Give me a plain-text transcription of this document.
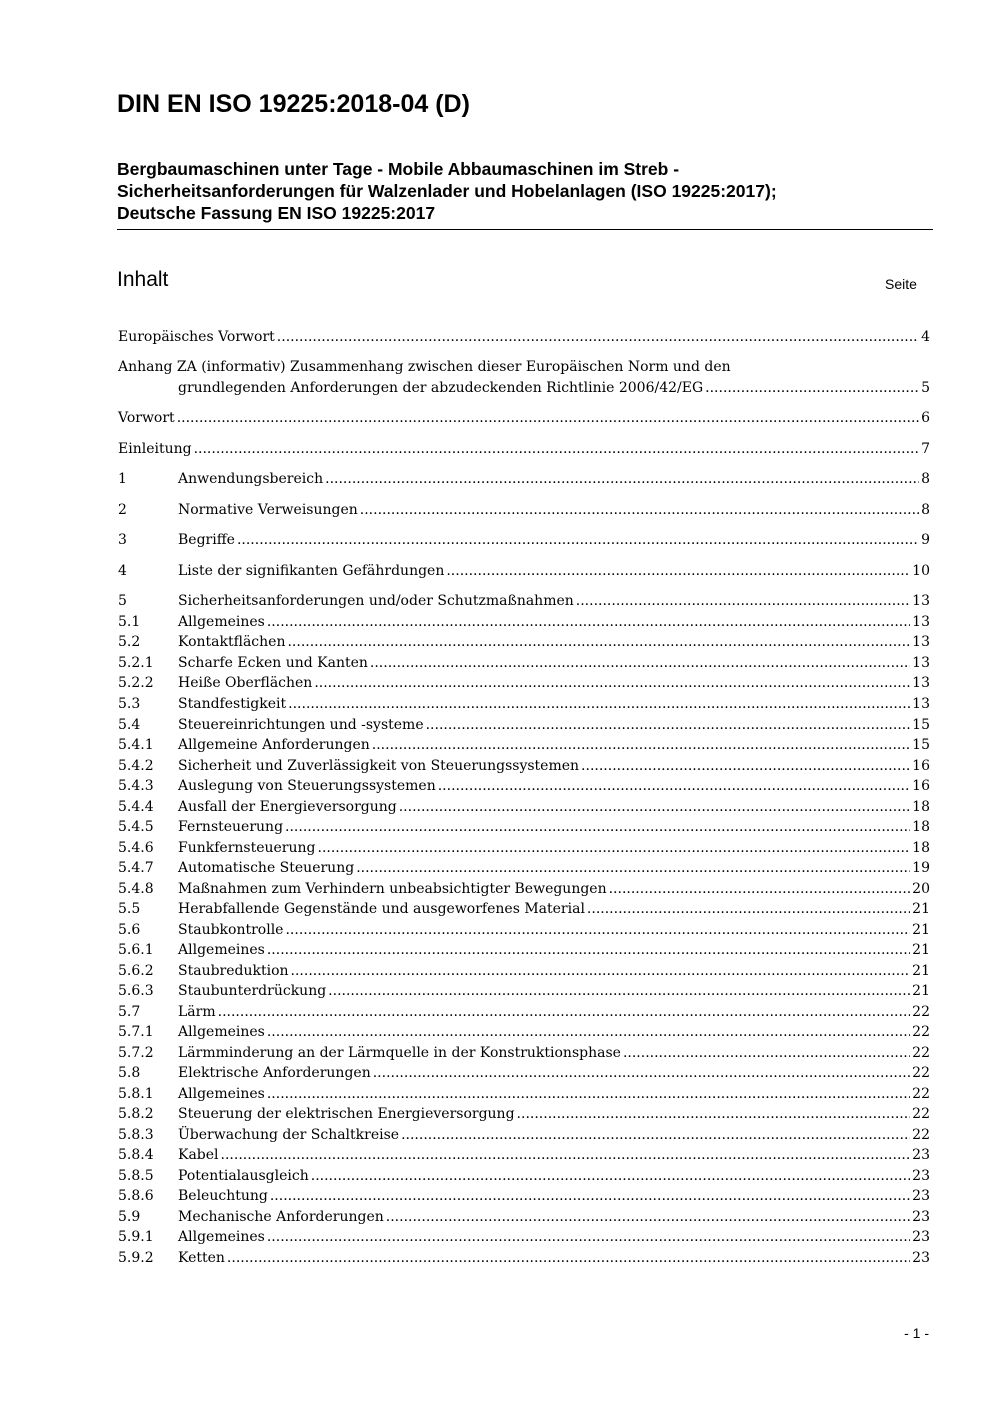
DIN EN ISO 19225:2018-04 (D)
Bergbaumaschinen unter Tage - Mobile Abbaumaschinen im Streb -
Sicherheitsanforderungen für Walzenlader und Hobelanlagen (ISO 19225:2017);
Deutsche Fassung EN ISO 19225:2017
Inhalt	Seite
Europäisches Vorwort .....	4
Anhang ZA (informativ) Zusammenhang zwischen dieser Europäischen Norm und den
grundlegenden Anforderungen der abzudeckenden Richtlinie 2006/42/EG .....	5
Vorwort .....	6
Einleitung .....	7
1	Anwendungsbereich .....	8
2	Normative Verweisungen .....	8
3	Begriffe .....	9
4	Liste der signifikanten Gefährdungen .....	10
5	Sicherheitsanforderungen und/oder Schutzmaßnahmen .....	13
5.1	Allgemeines .....	13
5.2	Kontaktflächen .....	13
5.2.1	Scharfe Ecken und Kanten .....	13
5.2.2	Heiße Oberflächen .....	13
5.3	Standfestigkeit .....	13
5.4	Steuereinrichtungen und -systeme .....	15
5.4.1	Allgemeine Anforderungen .....	15
5.4.2	Sicherheit und Zuverlässigkeit von Steuerungssystemen .....	16
5.4.3	Auslegung von Steuerungssystemen .....	16
5.4.4	Ausfall der Energieversorgung .....	18
5.4.5	Fernsteuerung .....	18
5.4.6	Funkfernsteuerung .....	18
5.4.7	Automatische Steuerung .....	19
5.4.8	Maßnahmen zum Verhindern unbeabsichtigter Bewegungen .....	20
5.5	Herabfallende Gegenstände und ausgeworfenes Material .....	21
5.6	Staubkontrolle .....	21
5.6.1	Allgemeines .....	21
5.6.2	Staubreduktion .....	21
5.6.3	Staubunterdrückung .....	21
5.7	Lärm .....	22
5.7.1	Allgemeines .....	22
5.7.2	Lärmminderung an der Lärmquelle in der Konstruktionsphase .....	22
5.8	Elektrische Anforderungen .....	22
5.8.1	Allgemeines .....	22
5.8.2	Steuerung der elektrischen Energieversorgung .....	22
5.8.3	Überwachung der Schaltkreise .....	22
5.8.4	Kabel .....	23
5.8.5	Potentialausgleich .....	23
5.8.6	Beleuchtung .....	23
5.9	Mechanische Anforderungen .....	23
5.9.1	Allgemeines .....	23
5.9.2	Ketten .....	23
- 1 -
